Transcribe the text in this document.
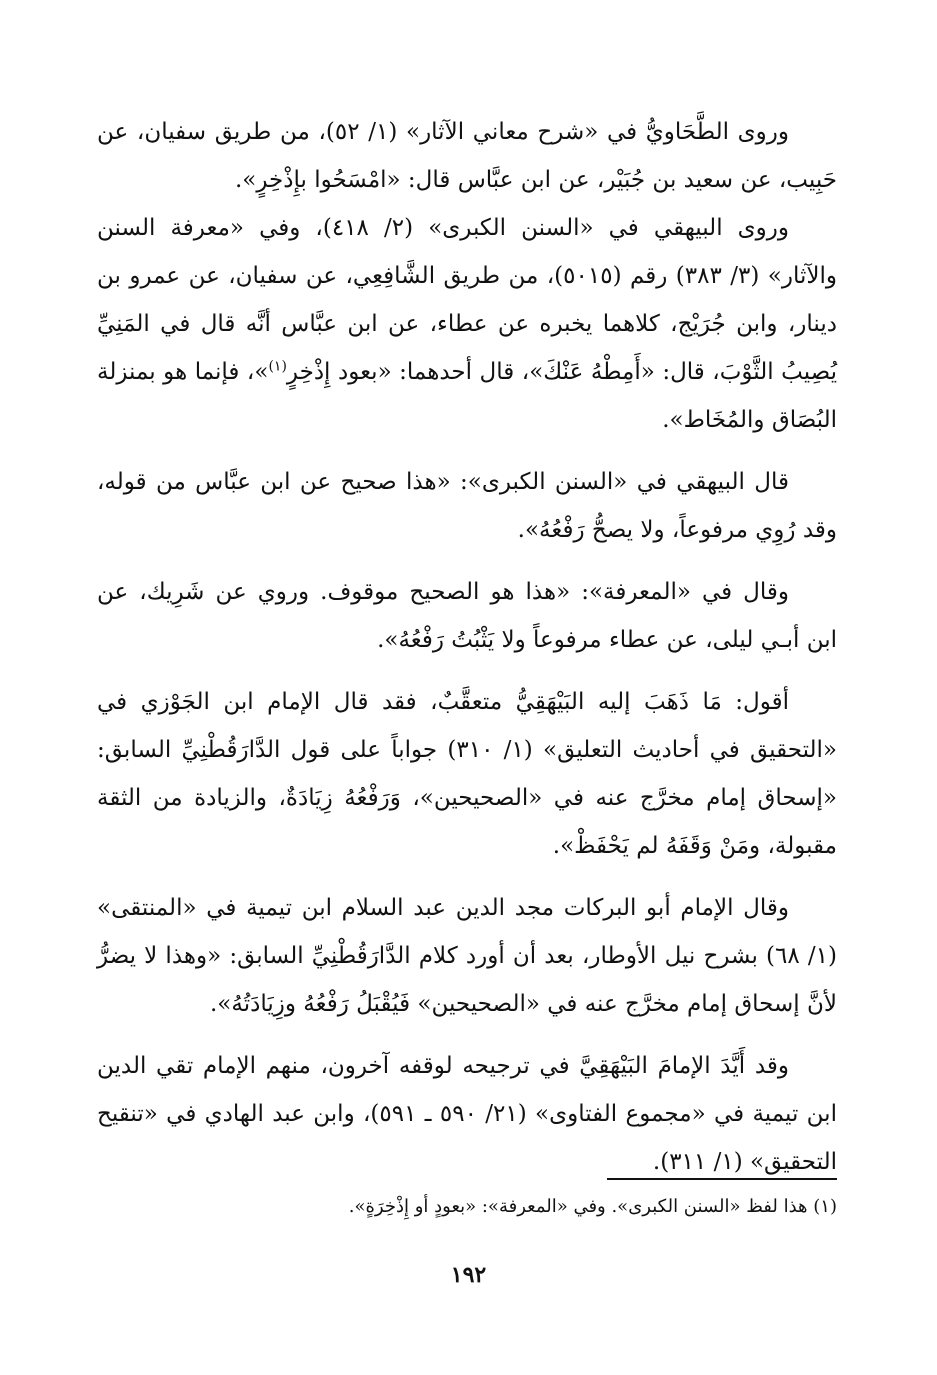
وروى الطَّحَاويُّ في «شرح معاني الآثار» (١/ ٥٢)، من طريق سفيان، عن حَبِيب، عن سعيد بن جُبَيْر، عن ابن عبَّاس قال: «امْسَحُوا بإِذْخِرٍ».

وروى البيهقي في «السنن الكبرى» (٢/ ٤١٨)، وفي «معرفة السنن والآثار» (٣/ ٣٨٣) رقم (٥٠١٥)، من طريق الشَّافِعِي، عن سفيان، عن عمرو بن دينار، وابن جُرَيْج، كلاهما يخبره عن عطاء، عن ابن عبَّاس أنَّه قال في المَنِيِّ يُصِيبُ الثَّوْبَ، قال: «أَمِطْهُ عَنْكَ»، قال أحدهما: «بعود إِذْخِرٍ$^{(١)}$»، فإنما هو بمنزلة البُصَاق والمُخَاط».

قال البيهقي في «السنن الكبرى»: «هذا صحيح عن ابن عبَّاس من قوله، وقد رُوِي مرفوعاً، ولا يصحُّ رَفْعُهُ».

وقال في «المعرفة»: «هذا هو الصحيح موقوف. وروي عن شَرِيك، عن ابن أبـي ليلى، عن عطاء مرفوعاً ولا يَثْبُتُ رَفْعُهُ».

أقول: مَا ذَهَبَ إليه البَيْهَقِيُّ متعقَّبٌ، فقد قال الإمام ابن الجَوْزي في «التحقيق في أحاديث التعليق» (١/ ٣١٠) جواباً على قول الدَّارَقُطْنِيِّ السابق: «إسحاق إمام مخرَّج عنه في «الصحيحين»، وَرَفْعُهُ زِيَادَةٌ، والزيادة من الثقة مقبولة، ومَنْ وَقَفَهُ لم يَحْفَظْ».

وقال الإمام أبو البركات مجد الدين عبد السلام ابن تيمية في «المنتقى» (١/ ٦٨) بشرح نيل الأوطار، بعد أن أورد كلام الدَّارَقُطْنِيِّ السابق: «وهذا لا يضرُّ لأنَّ إسحاق إمام مخرَّج عنه في «الصحيحين» فَيُقْبَلُ رَفْعُهُ وزِيَادَتُهُ».

وقد أَيَّدَ الإمامَ البَيْهَقِيَّ في ترجيحه لوقفه آخرون، منهم الإمام تقي الدين ابن تيمية في «مجموع الفتاوى» (٢١/ ٥٩٠ ـ ٥٩١)، وابن عبد الهادي في «تنقيح التحقيق» (١/ ٣١١).

(١) هذا لفظ «السنن الكبرى». وفي «المعرفة»: «بعودٍ أو إِذْخِرَةٍ».

١٩٢
